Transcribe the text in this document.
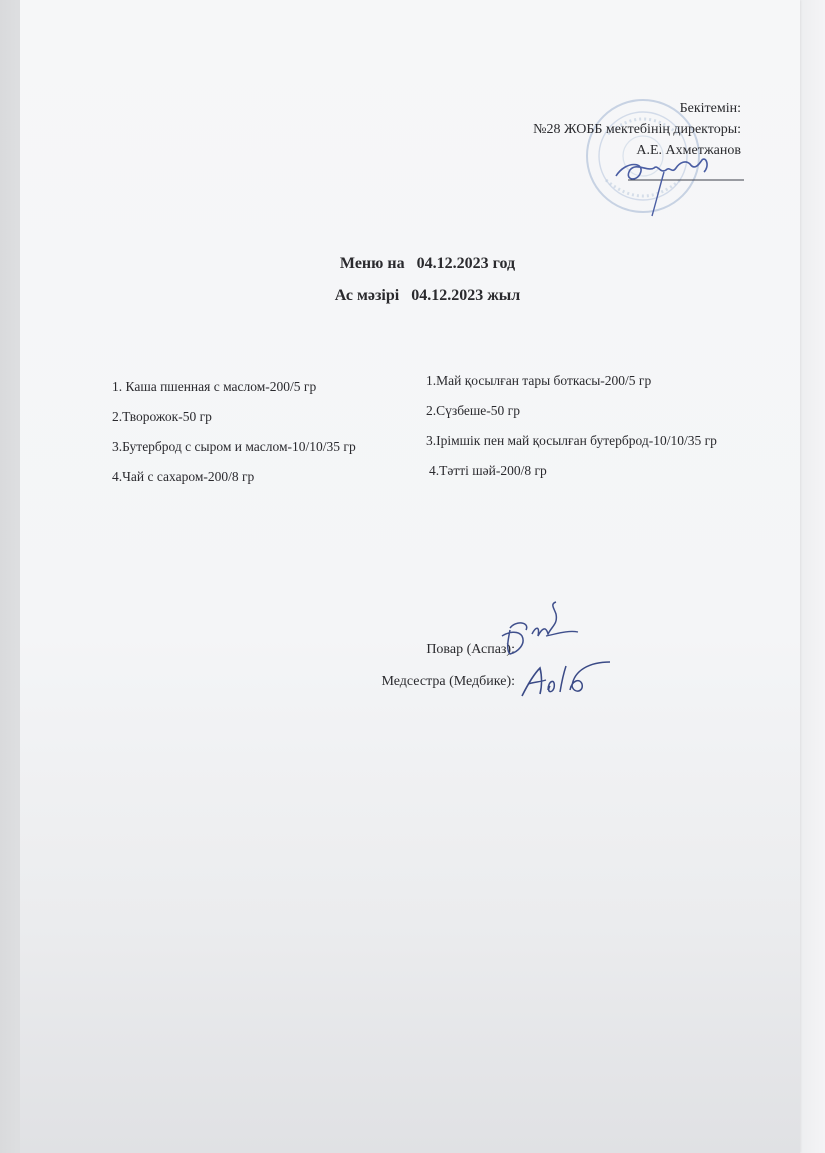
Бекітемін:
№28 ЖОББ мектебінің директоры:
А.Е. Ахметжанов
Меню на 04.12.2023 год
Ас мәзірі 04.12.2023 жыл
1. Каша пшенная с маслом-200/5 гр
2.Творожок-50 гр
3.Бутерброд с сыром и маслом-10/10/35 гр
4.Чай с сахаром-200/8 гр
1.Май қосылған тары боткасы-200/5 гр
2.Сүзбеше-50 гр
3.Ірімшік пен май қосылған бутерброд-10/10/35 гр
4.Тәтті шәй-200/8 гр
Повар (Аспаз):
Медсестра (Медбике):
